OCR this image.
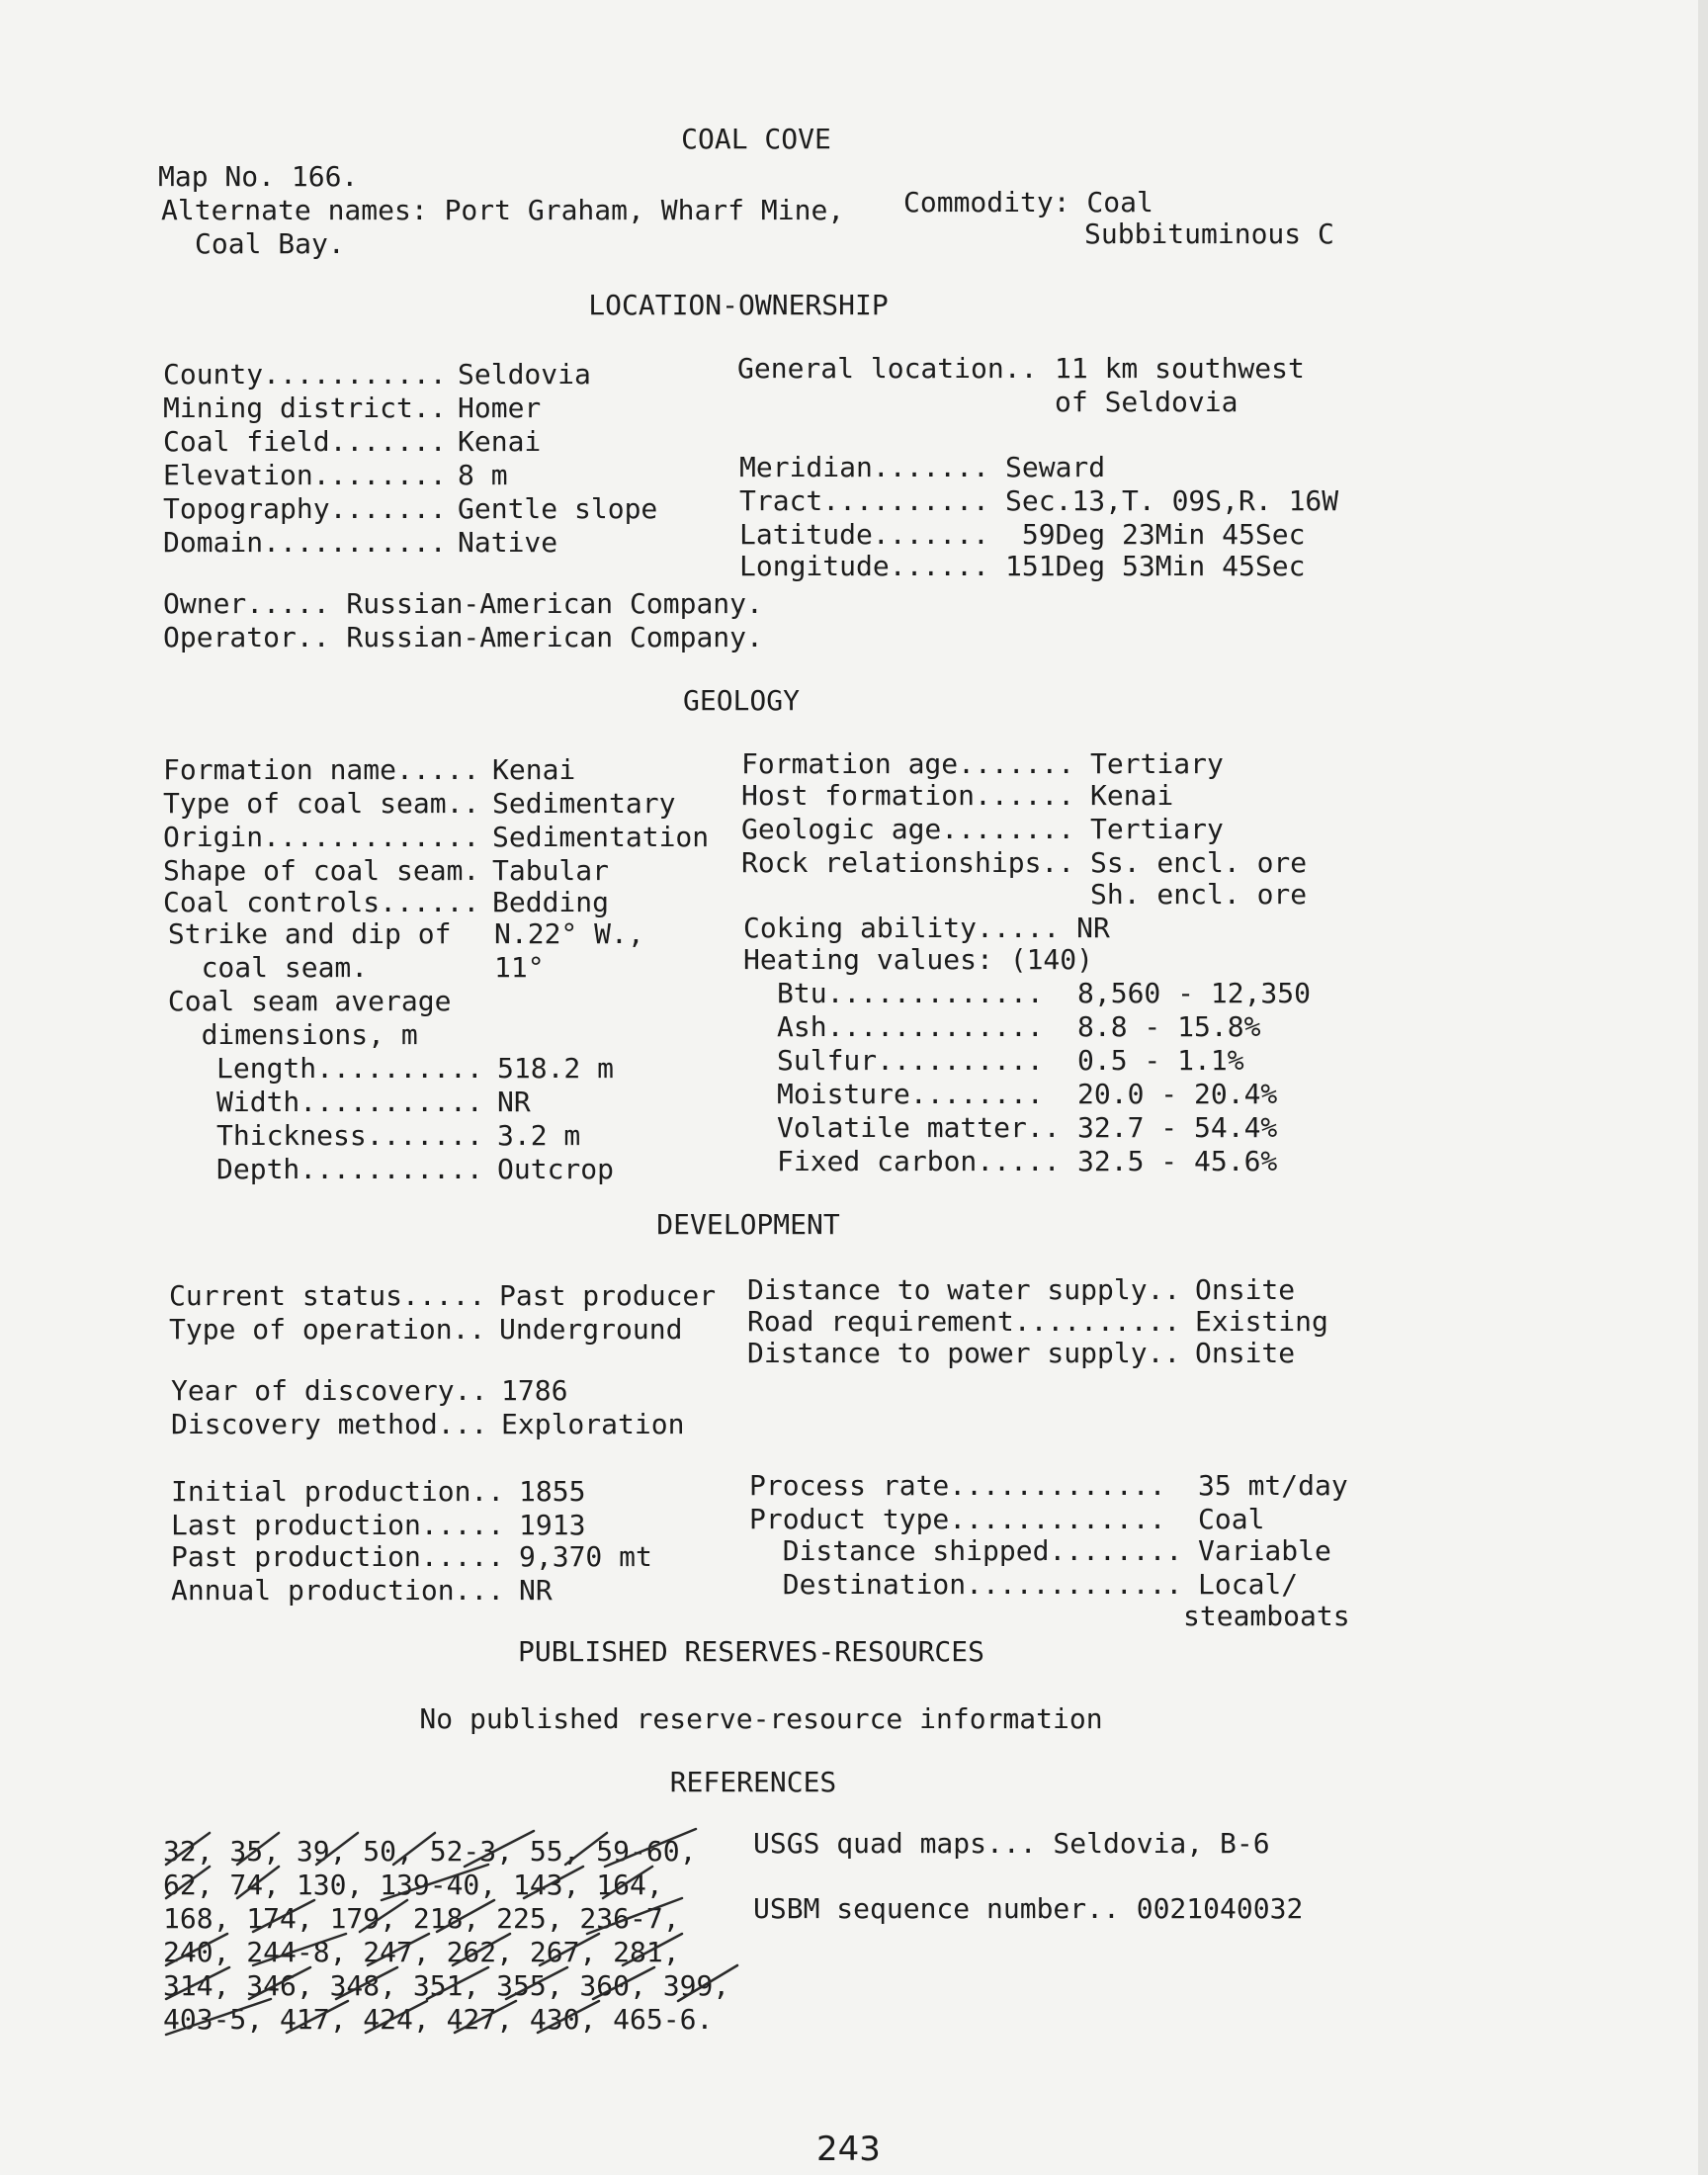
COAL COVE
Map No. 166.
Alternate names: Port Graham, Wharf Mine,
Coal Bay.
Commodity: Coal
Subbituminous C
LOCATION-OWNERSHIP
County........... Seldovia
Mining district.. Homer
Coal field....... Kenai
Elevation........ 8 m
Topography....... Gentle slope
Domain........... Native
General location.. 11 km southwest
of Seldovia
Meridian....... Seward
Tract.......... Sec.13,T. 09S,R. 16W
Latitude....... 59Deg 23Min 45Sec
Longitude...... 151Deg 53Min 45Sec
Owner..... Russian-American Company.
Operator.. Russian-American Company.
GEOLOGY
Formation name..... Kenai
Type of coal seam.. Sedimentary
Origin............. Sedimentation
Shape of coal seam. Tabular
Coal controls...... Bedding
Strike and dip of
coal seam.
N.22° W.,
11°
Coal seam average
dimensions, m
Length.......... 518.2 m
Width........... NR
Thickness....... 3.2 m
Depth........... Outcrop
Formation age....... Tertiary
Host formation...... Kenai
Geologic age........ Tertiary
Rock relationships.. Ss. encl. ore
Sh. encl. ore
Coking ability..... NR
Heating values: (140)
Btu............. 8,560 - 12,350
Ash............. 8.8 - 15.8%
Sulfur.......... 0.5 - 1.1%
Moisture........ 20.0 - 20.4%
Volatile matter.. 32.7 - 54.4%
Fixed carbon..... 32.5 - 45.6%
DEVELOPMENT
Current status..... Past producer
Type of operation.. Underground
Year of discovery.. 1786
Discovery method... Exploration
Initial production.. 1855
Last production..... 1913
Past production..... 9,370 mt
Annual production... NR
Distance to water supply.. Onsite
Road requirement.......... Existing
Distance to power supply.. Onsite
Process rate............. 35 mt/day
Product type............. Coal
Distance shipped........ Variable
Destination............. Local/
steamboats
PUBLISHED RESERVES-RESOURCES
No published reserve-resource information
REFERENCES
32, 35, 39, 50, 52-3, 55, 59-60,
62, 74, 130, 139-40, 143, 164,
168, 174, 179, 218, 225, 236-7,
240, 244-8, 247, 262, 267, 281,
314, 346, 348, 351, 355, 360, 399,
403-5, 417, 424, 427, 430, 465-6.
USGS quad maps... Seldovia, B-6
USBM sequence number.. 0021040032
243
